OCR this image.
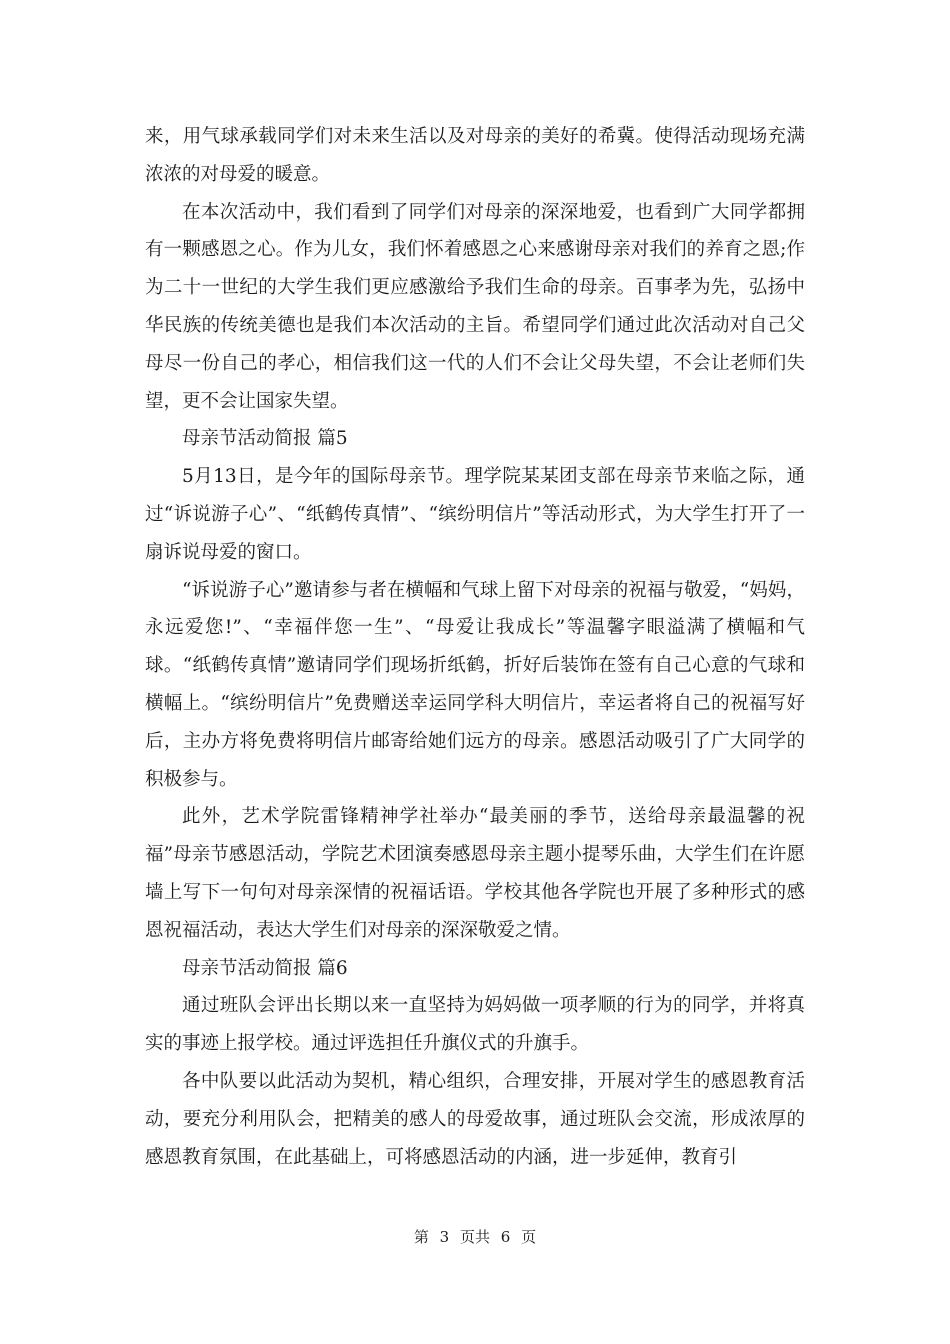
来，用气球承载同学们对未来生活以及对母亲的美好的希冀。使得活动现场充满浓浓的对母爱的暖意。

在本次活动中，我们看到了同学们对母亲的深深地爱，也看到广大同学都拥有一颗感恩之心。作为儿女，我们怀着感恩之心来感谢母亲对我们的养育之恩;作为二十一世纪的大学生我们更应感激给予我们生命的母亲。百事孝为先，弘扬中华民族的传统美德也是我们本次活动的主旨。希望同学们通过此次活动对自己父母尽一份自己的孝心，相信我们这一代的人们不会让父母失望，不会让老师们失望，更不会让国家失望。

母亲节活动简报 篇5

5月13日，是今年的国际母亲节。理学院某某团支部在母亲节来临之际，通过“诉说游子心”、“纸鹤传真情”、“缤纷明信片”等活动形式，为大学生打开了一扇诉说母爱的窗口。

“诉说游子心”邀请参与者在横幅和气球上留下对母亲的祝福与敬爱，“妈妈，永远爱您!”、“幸福伴您一生”、“母爱让我成长”等温馨字眼溢满了横幅和气球。“纸鹤传真情”邀请同学们现场折纸鹤，折好后装饰在签有自己心意的气球和横幅上。“缤纷明信片”免费赠送幸运同学科大明信片，幸运者将自己的祝福写好后，主办方将免费将明信片邮寄给她们远方的母亲。感恩活动吸引了广大同学的积极参与。

此外，艺术学院雷锋精神学社举办“最美丽的季节，送给母亲最温馨的祝福”母亲节感恩活动，学院艺术团演奏感恩母亲主题小提琴乐曲，大学生们在许愿墙上写下一句句对母亲深情的祝福话语。学校其他各学院也开展了多种形式的感恩祝福活动，表达大学生们对母亲的深深敬爱之情。

母亲节活动简报 篇6

通过班队会评出长期以来一直坚持为妈妈做一项孝顺的行为的同学，并将真实的事迹上报学校。通过评选担任升旗仪式的升旗手。

各中队要以此活动为契机，精心组织，合理安排，开展对学生的感恩教育活动，要充分利用队会，把精美的感人的母爱故事，通过班队会交流，形成浓厚的感恩教育氛围，在此基础上，可将感恩活动的内涵，进一步延伸，教育引

第 3 页共 6 页
